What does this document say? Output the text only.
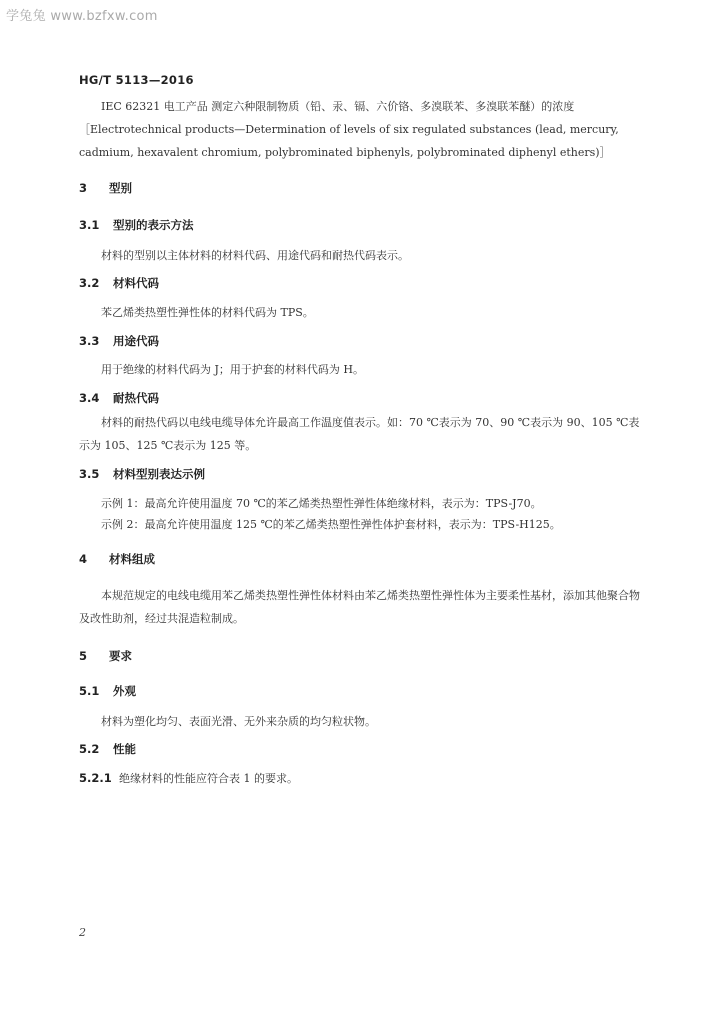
学兔兔 www.bzfxw.com
HG/T 5113—2016
IEC 62321 电工产品 测定六种限制物质（铅、汞、镉、六价铬、多溴联苯、多溴联苯醚）的浓度［Electrotechnical products—Determination of levels of six regulated substances (lead, mercury, cadmium, hexavalent chromium, polybrominated biphenyls, polybrominated diphenyl ethers)］
3 型别
3.1 型别的表示方法
材料的型别以主体材料的材料代码、用途代码和耐热代码表示。
3.2 材料代码
苯乙烯类热塑性弹性体的材料代码为 TPS。
3.3 用途代码
用于绝缘的材料代码为 J；用于护套的材料代码为 H。
3.4 耐热代码
材料的耐热代码以电线电缆导体允许最高工作温度值表示。如：70 ℃表示为 70、90 ℃表示为 90、105 ℃表示为 105、125 ℃表示为 125 等。
3.5 材料型别表达示例
示例 1：最高允许使用温度 70 ℃的苯乙烯类热塑性弹性体绝缘材料，表示为：TPS-J70。
示例 2：最高允许使用温度 125 ℃的苯乙烯类热塑性弹性体护套材料，表示为：TPS-H125。
4 材料组成
本规范规定的电线电缆用苯乙烯类热塑性弹性体材料由苯乙烯类热塑性弹性体为主要柔性基材，添加其他聚合物及改性助剂，经过共混造粒制成。
5 要求
5.1 外观
材料为塑化均匀、表面光滑、无外来杂质的均匀粒状物。
5.2 性能
5.2.1 绝缘材料的性能应符合表 1 的要求。
2
